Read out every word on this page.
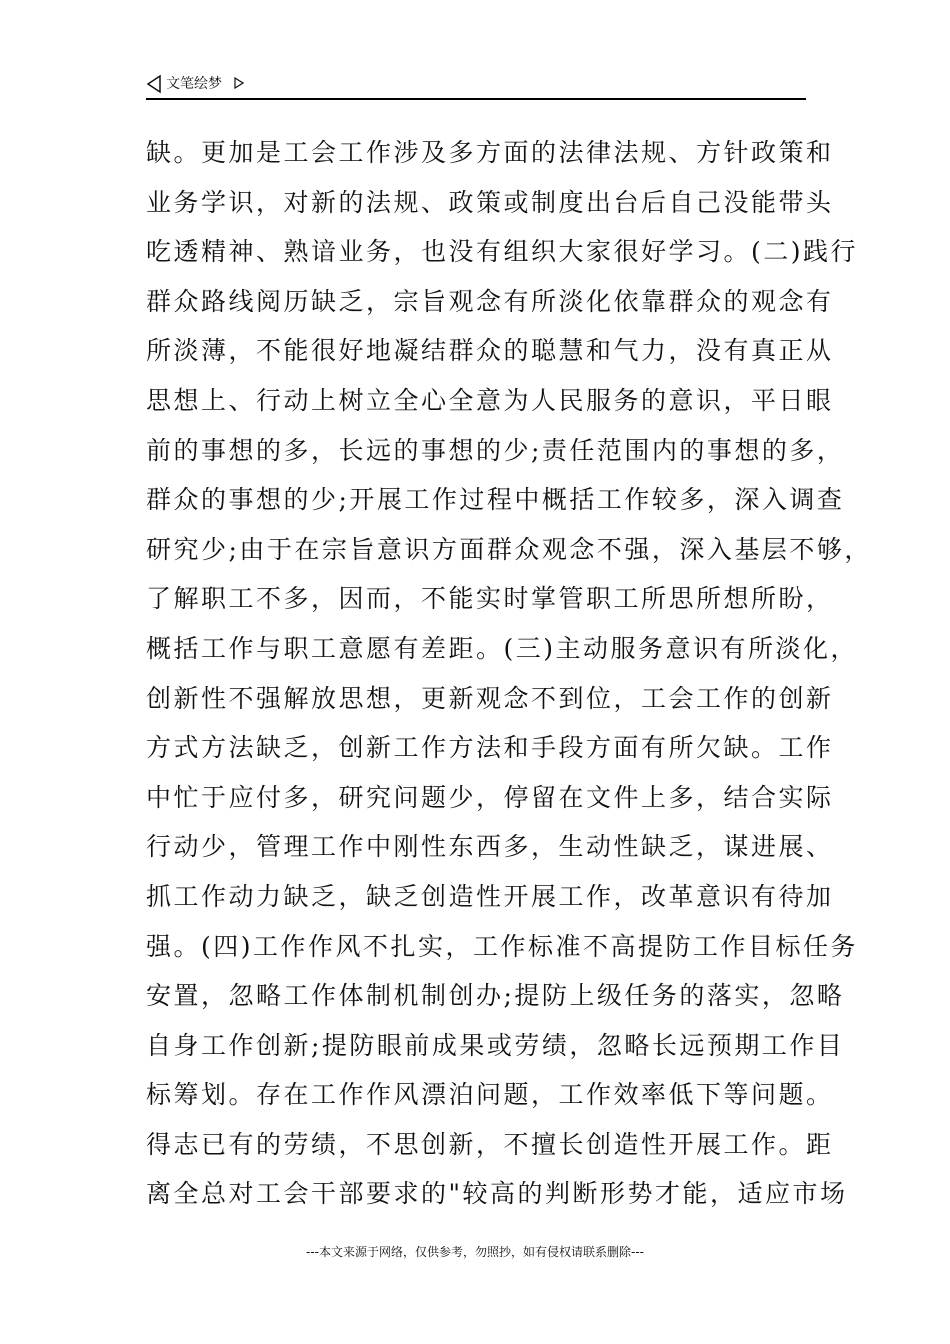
文笔绘梦
缺。更加是工会工作涉及多方面的法律法规、方针政策和
业务学识，对新的法规、政策或制度出台后自己没能带头
吃透精神、熟谙业务，也没有组织大家很好学习。(二)践行
群众路线阅历缺乏，宗旨观念有所淡化依靠群众的观念有
所淡薄，不能很好地凝结群众的聪慧和气力，没有真正从
思想上、行动上树立全心全意为人民服务的意识，平日眼
前的事想的多，长远的事想的少;责任范围内的事想的多，
群众的事想的少;开展工作过程中概括工作较多，深入调查
研究少;由于在宗旨意识方面群众观念不强，深入基层不够，
了解职工不多，因而，不能实时掌管职工所思所想所盼，
概括工作与职工意愿有差距。(三)主动服务意识有所淡化，
创新性不强解放思想，更新观念不到位，工会工作的创新
方式方法缺乏，创新工作方法和手段方面有所欠缺。工作
中忙于应付多，研究问题少，停留在文件上多，结合实际
行动少，管理工作中刚性东西多，生动性缺乏，谋进展、
抓工作动力缺乏，缺乏创造性开展工作，改革意识有待加
强。(四)工作作风不扎实，工作标准不高提防工作目标任务
安置，忽略工作体制机制创办;提防上级任务的落实，忽略
自身工作创新;提防眼前成果或劳绩，忽略长远预期工作目
标筹划。存在工作作风漂泊问题，工作效率低下等问题。
得志已有的劳绩，不思创新，不擅长创造性开展工作。距
离全总对工会干部要求的"较高的判断形势才能，适应市场
---本文来源于网络，仅供参考，勿照抄，如有侵权请联系删除---
